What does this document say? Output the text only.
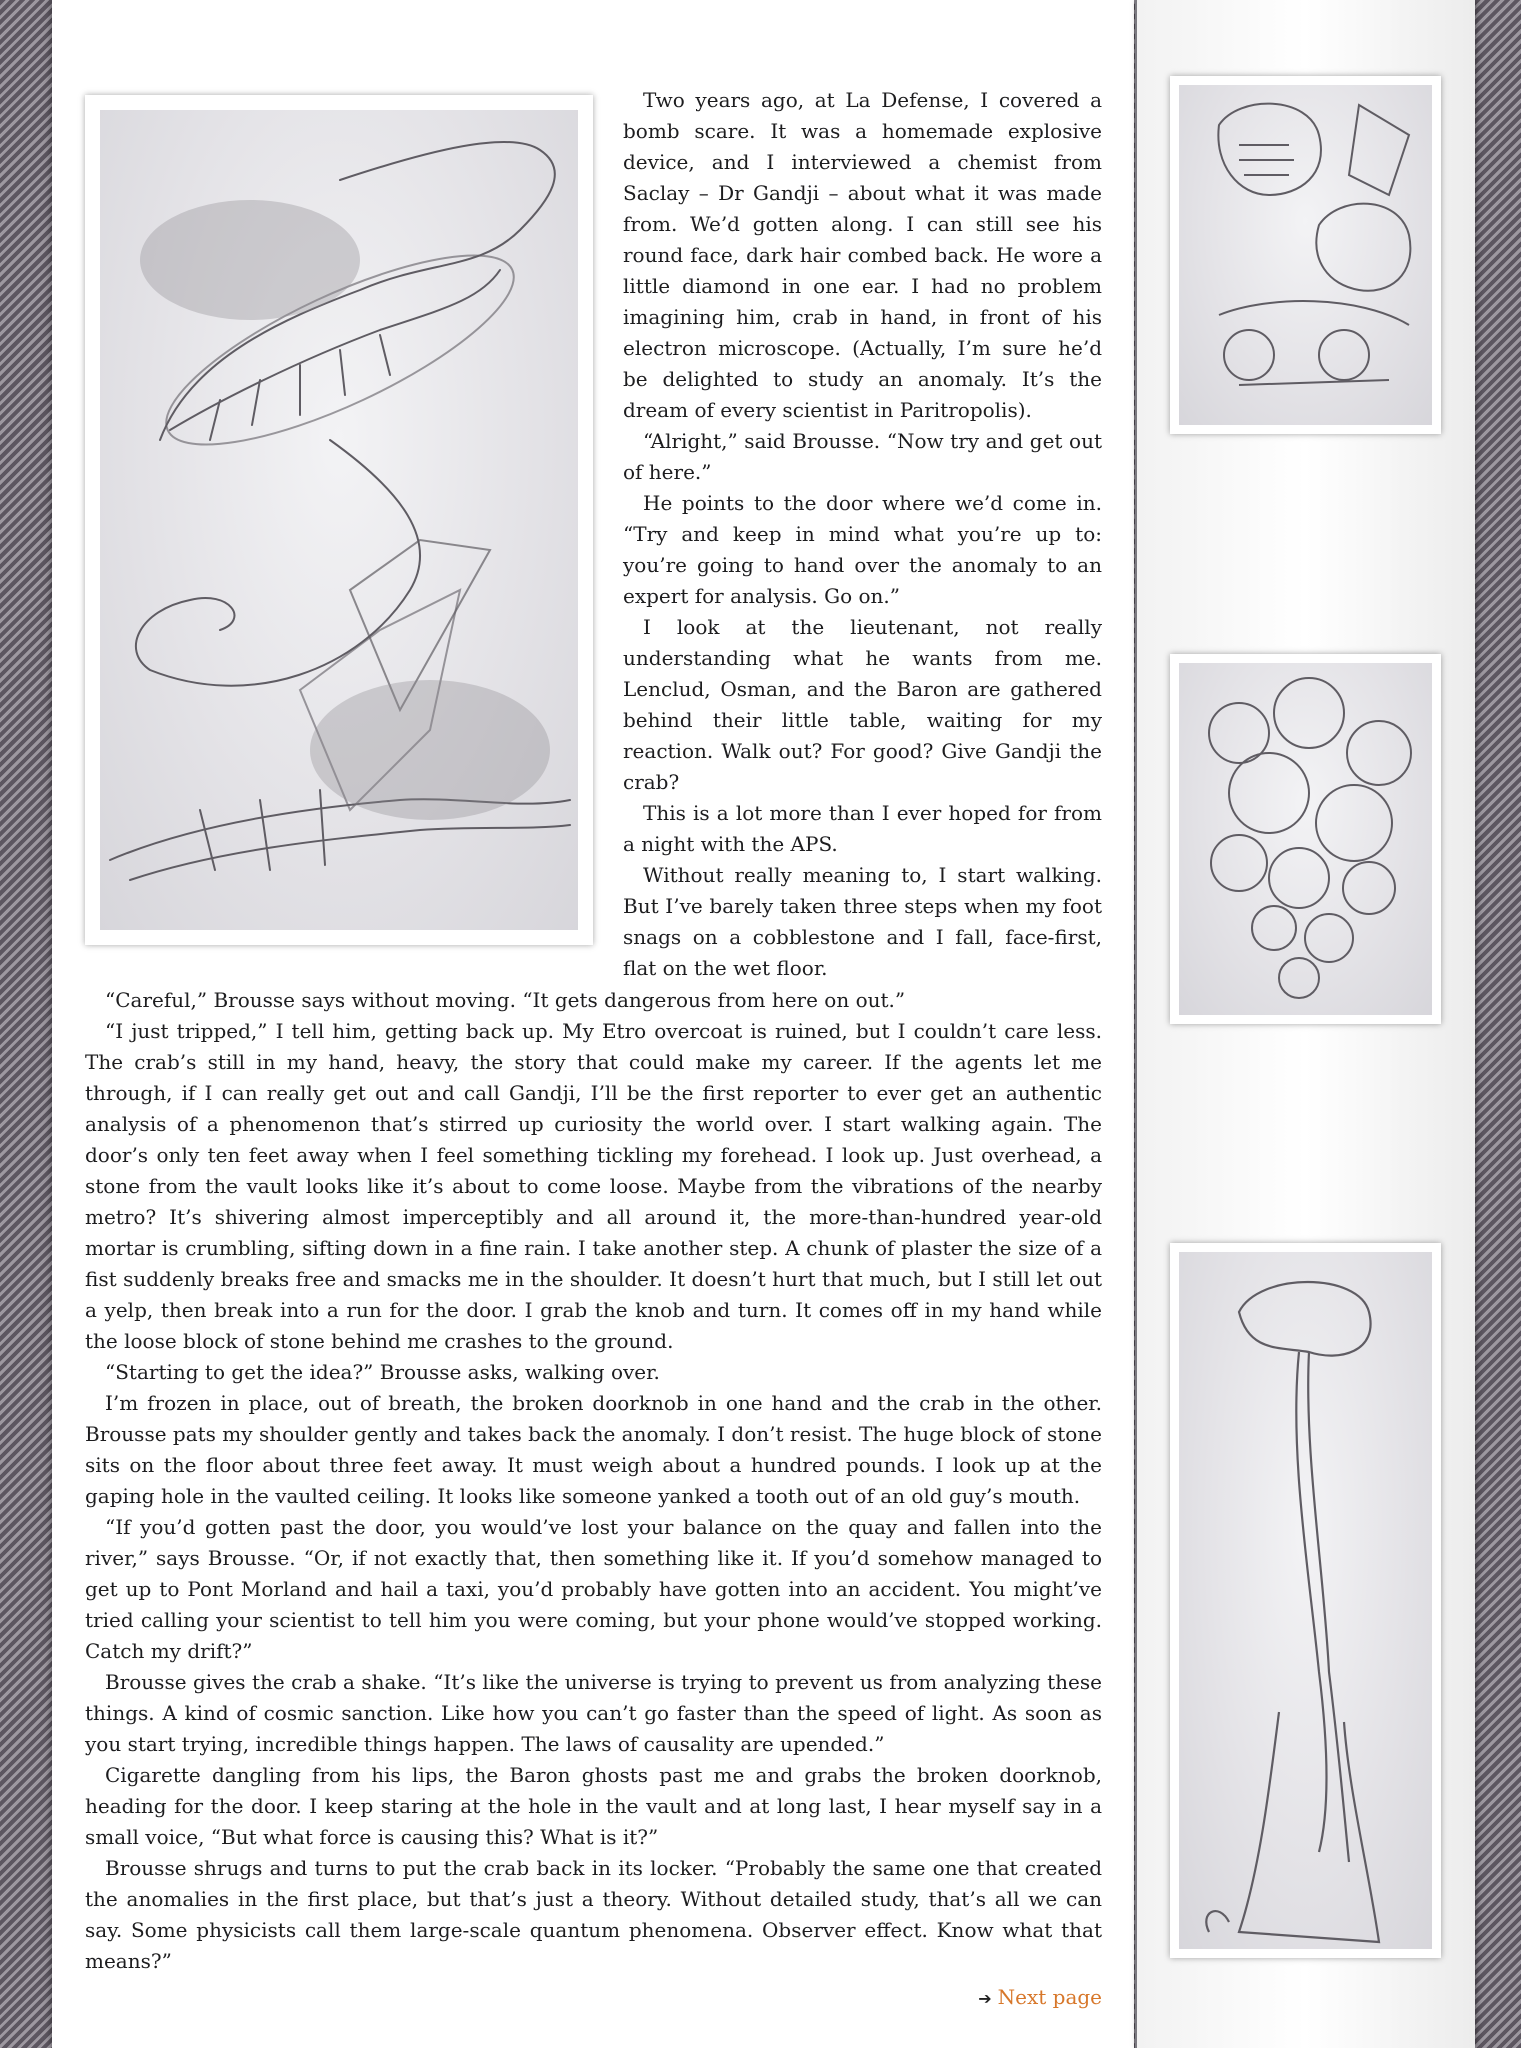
Two years ago, at La Defense, I covered a bomb scare. It was a homemade explosive device, and I interviewed a chemist from Saclay – Dr Gandji – about what it was made from. We’d gotten along. I can still see his round face, dark hair combed back. He wore a little diamond in one ear. I had no problem imagining him, crab in hand, in front of his electron microscope. (Actually, I’m sure he’d be delighted to study an anomaly. It’s the dream of every scientist in Paritropolis).

“Alright,” said Brousse. “Now try and get out of here.”

He points to the door where we’d come in. “Try and keep in mind what you’re up to: you’re going to hand over the anomaly to an expert for analysis. Go on.”

I look at the lieutenant, not really understanding what he wants from me. Lenclud, Osman, and the Baron are gathered behind their little table, waiting for my reaction. Walk out? For good? Give Gandji the crab?

This is a lot more than I ever hoped for from a night with the APS.

Without really meaning to, I start walking. But I’ve barely taken three steps when my foot snags on a cobblestone and I fall, face-first, flat on the wet floor.

“Careful,” Brousse says without moving. “It gets dangerous from here on out.”

“I just tripped,” I tell him, getting back up. My Etro overcoat is ruined, but I couldn’t care less. The crab’s still in my hand, heavy, the story that could make my career. If the agents let me through, if I can really get out and call Gandji, I’ll be the first reporter to ever get an authentic analysis of a phenomenon that’s stirred up curiosity the world over. I start walking again. The door’s only ten feet away when I feel something tickling my forehead. I look up. Just overhead, a stone from the vault looks like it’s about to come loose. Maybe from the vibrations of the nearby metro? It’s shivering almost imperceptibly and all around it, the more-than-hundred year-old mortar is crumbling, sifting down in a fine rain. I take another step. A chunk of plaster the size of a fist suddenly breaks free and smacks me in the shoulder. It doesn’t hurt that much, but I still let out a yelp, then break into a run for the door. I grab the knob and turn. It comes off in my hand while the loose block of stone behind me crashes to the ground.

“Starting to get the idea?” Brousse asks, walking over.

I’m frozen in place, out of breath, the broken doorknob in one hand and the crab in the other. Brousse pats my shoulder gently and takes back the anomaly. I don’t resist. The huge block of stone sits on the floor about three feet away. It must weigh about a hundred pounds. I look up at the gaping hole in the vaulted ceiling. It looks like someone yanked a tooth out of an old guy’s mouth.

“If you’d gotten past the door, you would’ve lost your balance on the quay and fallen into the river,” says Brousse. “Or, if not exactly that, then something like it. If you’d somehow managed to get up to Pont Morland and hail a taxi, you’d probably have gotten into an accident. You might’ve tried calling your scientist to tell him you were coming, but your phone would’ve stopped working. Catch my drift?”

Brousse gives the crab a shake. “It’s like the universe is trying to prevent us from analyzing these things. A kind of cosmic sanction. Like how you can’t go faster than the speed of light. As soon as you start trying, incredible things happen. The laws of causality are upended.”

Cigarette dangling from his lips, the Baron ghosts past me and grabs the broken doorknob, heading for the door. I keep staring at the hole in the vault and at long last, I hear myself say in a small voice, “But what force is causing this? What is it?”

Brousse shrugs and turns to put the crab back in its locker. “Probably the same one that created the anomalies in the first place, but that’s just a theory. Without detailed study, that’s all we can say. Some physicists call them large-scale quantum phenomena. Observer effect. Know what that means?”

➔ Next page
